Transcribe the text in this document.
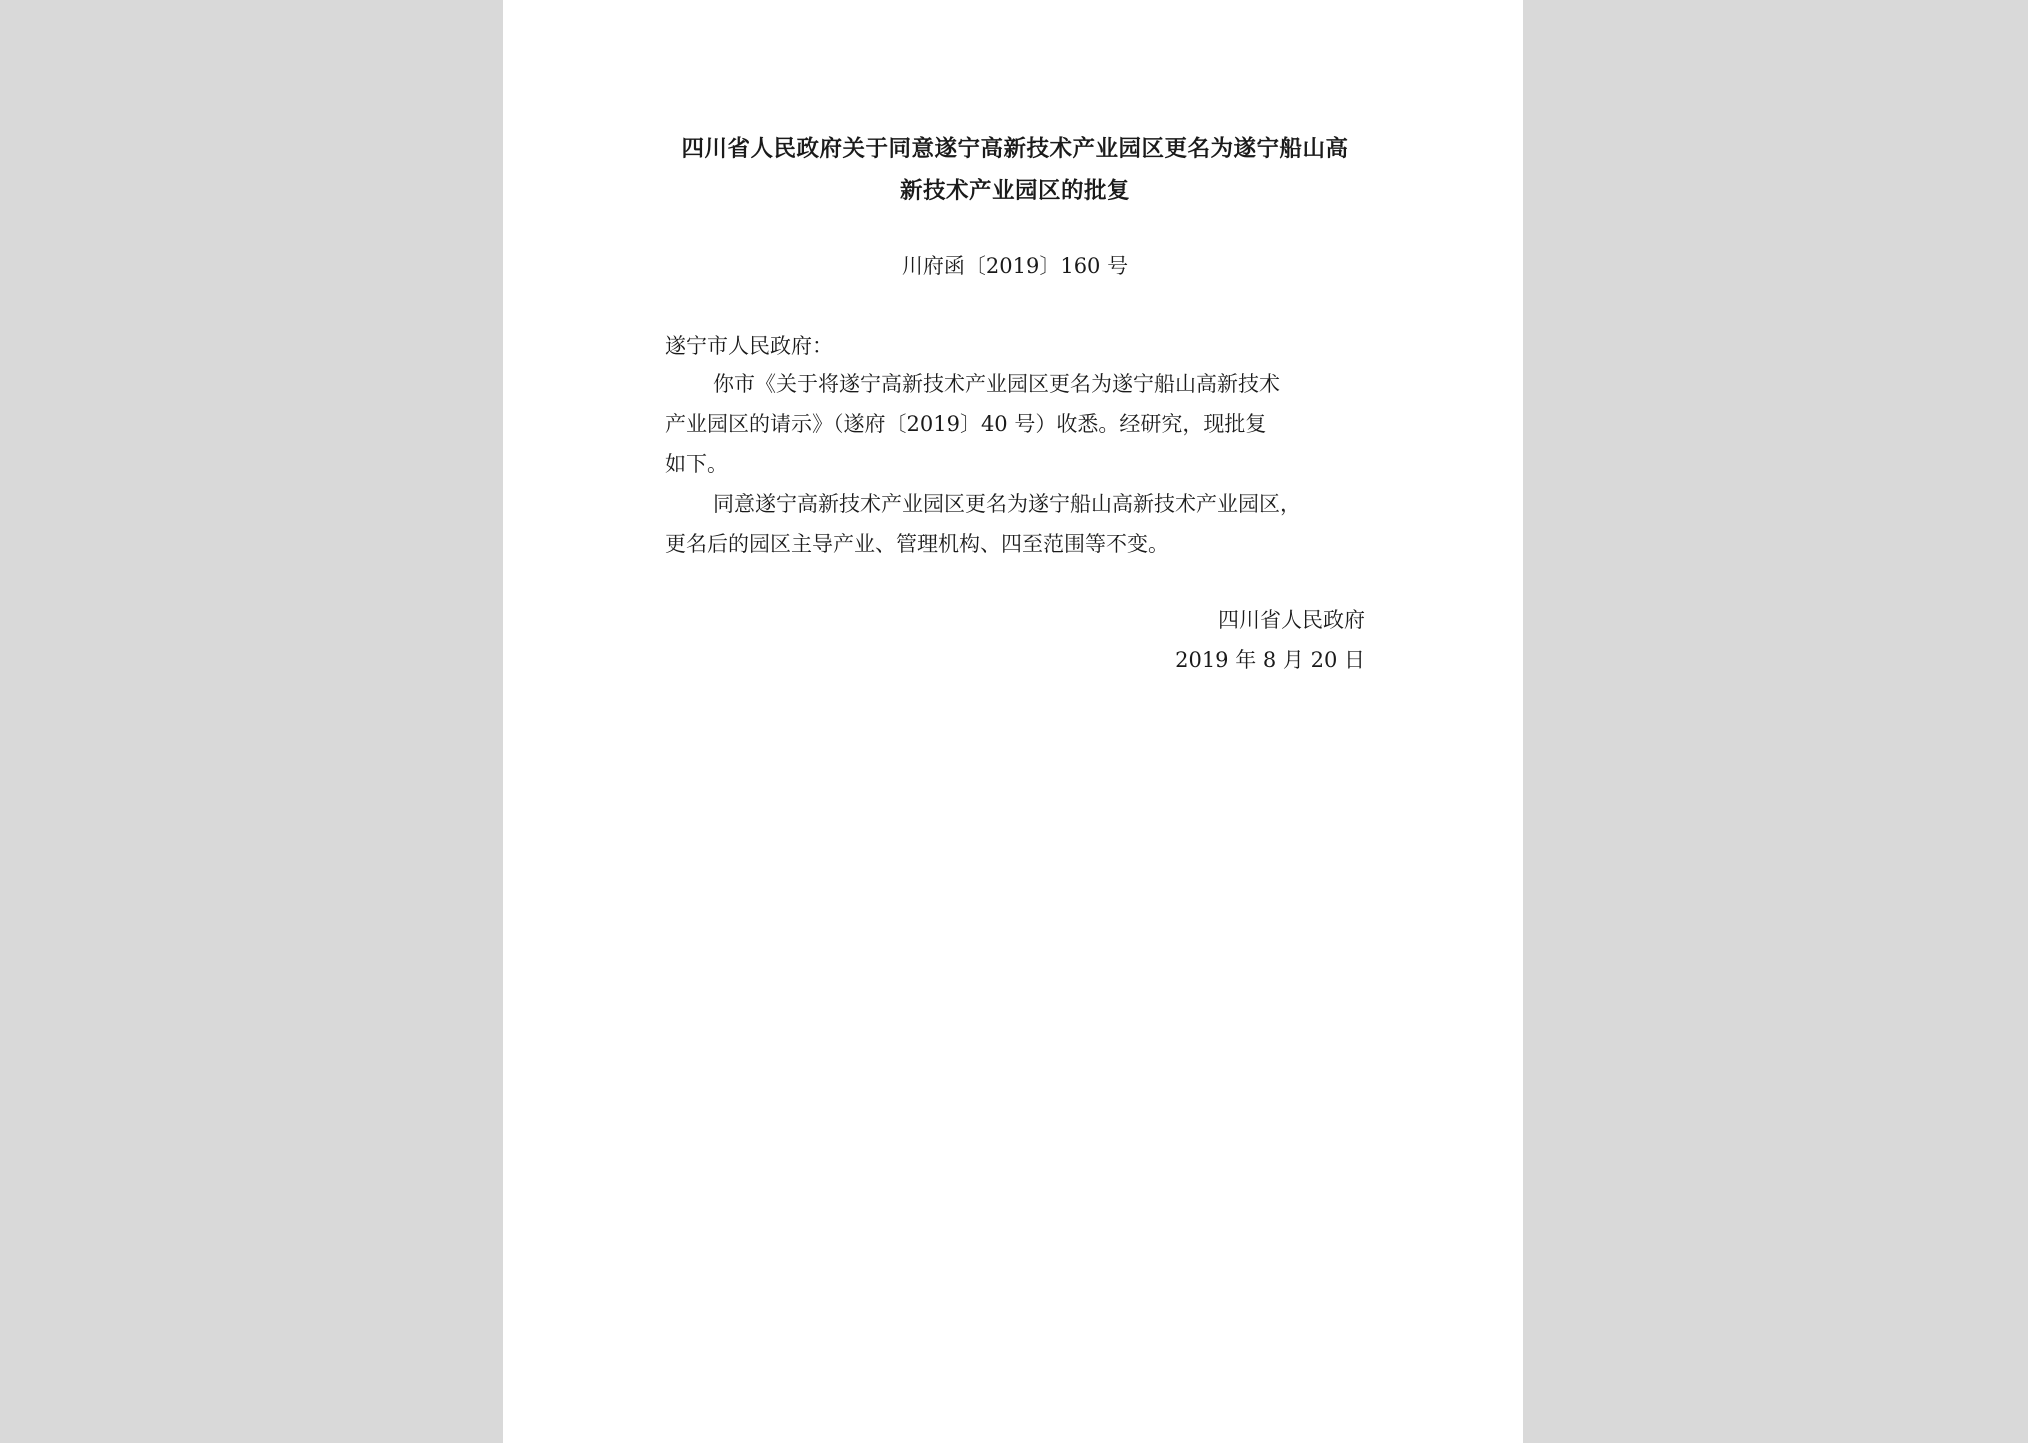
四川省人民政府关于同意遂宁高新技术产业园区更名为遂宁船山高
新技术产业园区的批复
川府函〔2019〕160 号
遂宁市人民政府：
你市《关于将遂宁高新技术产业园区更名为遂宁船山高新技术
产业园区的请示》（遂府〔2019〕40 号）收悉。经研究，现批复
如下。
同意遂宁高新技术产业园区更名为遂宁船山高新技术产业园区，
更名后的园区主导产业、管理机构、四至范围等不变。
四川省人民政府
2019 年 8 月 20 日
